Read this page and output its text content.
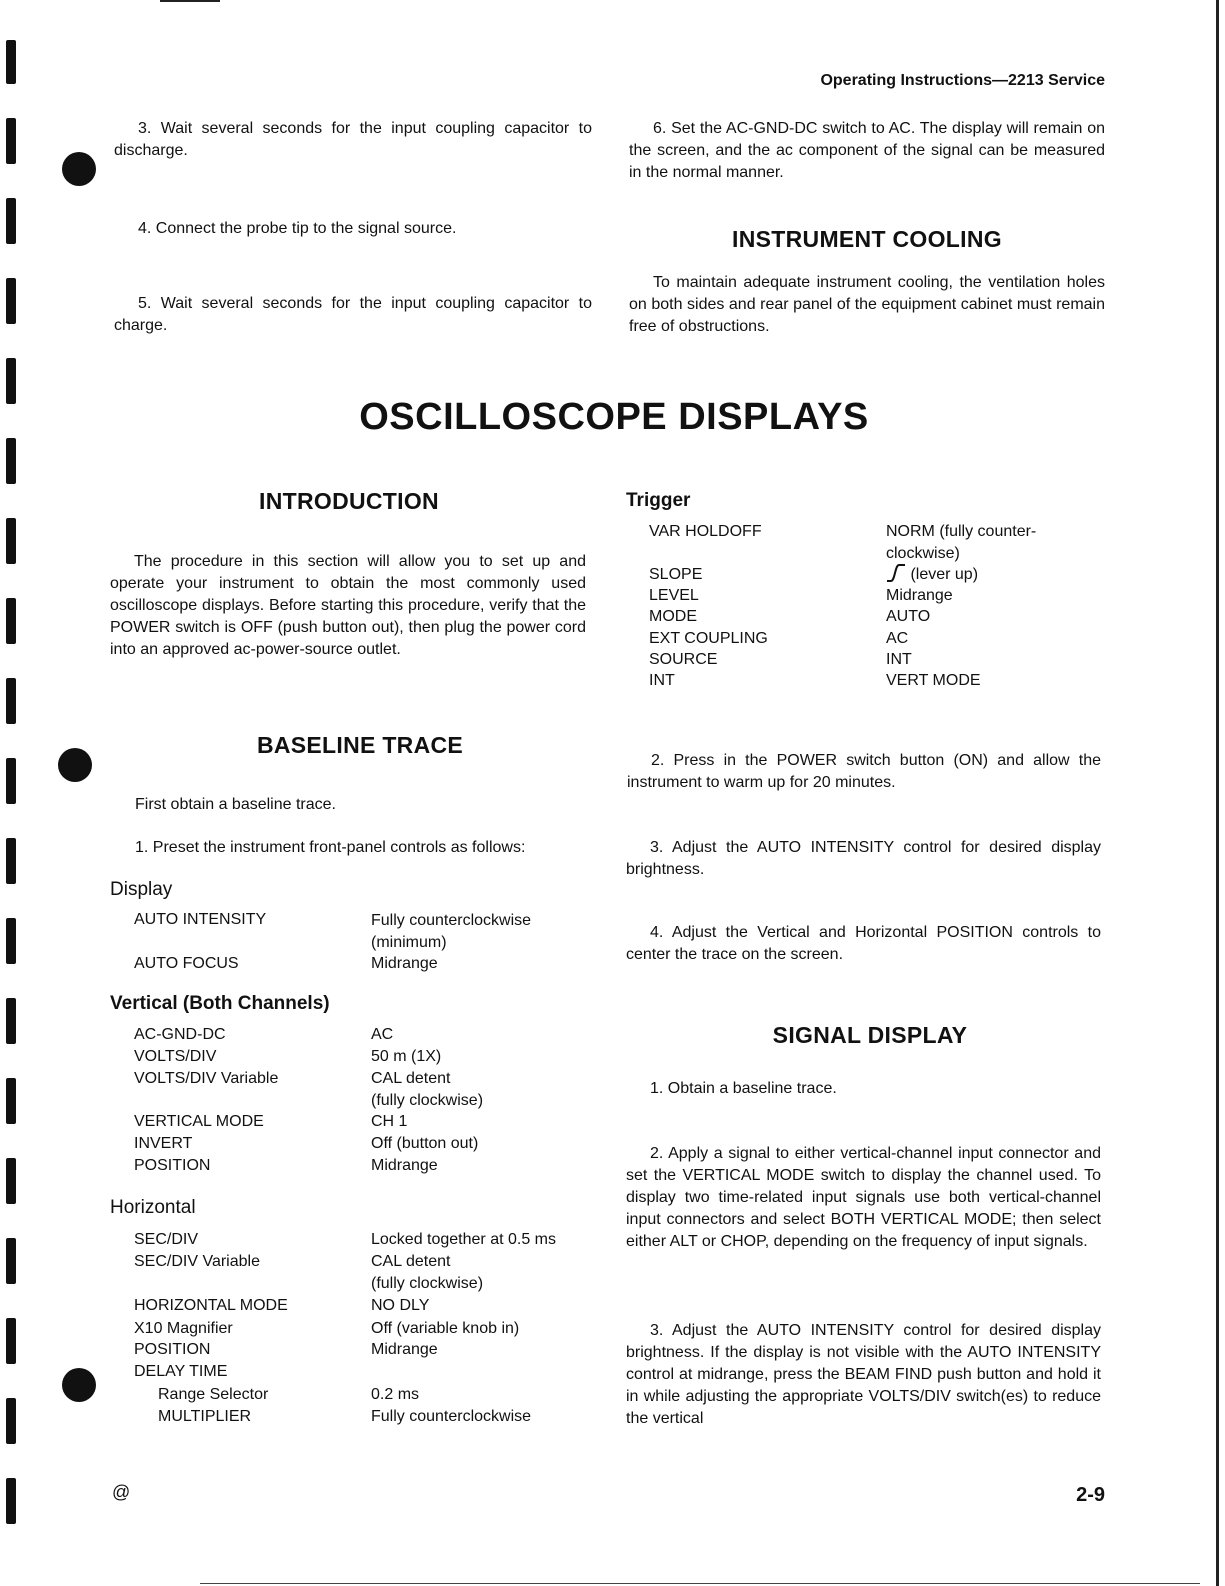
Operating Instructions—2213 Service
3. Wait several seconds for the input coupling capacitor to discharge.
4. Connect the probe tip to the signal source.
5. Wait several seconds for the input coupling capacitor to charge.
6. Set the AC-GND-DC switch to AC. The display will remain on the screen, and the ac component of the signal can be measured in the normal manner.
INSTRUMENT COOLING
To maintain adequate instrument cooling, the ventilation holes on both sides and rear panel of the equipment cabinet must remain free of obstructions.
OSCILLOSCOPE DISPLAYS
INTRODUCTION
The procedure in this section will allow you to set up and operate your instrument to obtain the most commonly used oscilloscope displays. Before starting this procedure, verify that the POWER switch is OFF (push button out), then plug the power cord into an approved ac-power-source outlet.
BASELINE TRACE
First obtain a baseline trace.
1. Preset the instrument front-panel controls as follows:
Display
AUTO INTENSITY	Fully counterclockwise
(minimum)
AUTO FOCUS	Midrange
Vertical (Both Channels)
AC-GND-DC	AC
VOLTS/DIV	50 m (1X)
VOLTS/DIV Variable	CAL detent
(fully clockwise)
VERTICAL MODE	CH 1
INVERT	Off (button out)
POSITION	Midrange
Horizontal
SEC/DIV	Locked together at 0.5 ms
SEC/DIV Variable	CAL detent
(fully clockwise)
HORIZONTAL MODE	NO DLY
X10 Magnifier	Off (variable knob in)
POSITION	Midrange
DELAY TIME
Range Selector	0.2 ms
MULTIPLIER	Fully counterclockwise
Trigger
VAR HOLDOFF	NORM (fully counter-
clockwise)
SLOPE	(lever up)
LEVEL	Midrange
MODE	AUTO
EXT COUPLING	AC
SOURCE	INT
INT	VERT MODE
2. Press in the POWER switch button (ON) and allow the instrument to warm up for 20 minutes.
3. Adjust the AUTO INTENSITY control for desired display brightness.
4. Adjust the Vertical and Horizontal POSITION controls to center the trace on the screen.
SIGNAL DISPLAY
1. Obtain a baseline trace.
2. Apply a signal to either vertical-channel input connector and set the VERTICAL MODE switch to display the channel used. To display two time-related input signals use both vertical-channel input connectors and select BOTH VERTICAL MODE; then select either ALT or CHOP, depending on the frequency of input signals.
3. Adjust the AUTO INTENSITY control for desired display brightness. If the display is not visible with the AUTO INTENSITY control at midrange, press the BEAM FIND push button and hold it in while adjusting the appropriate VOLTS/DIV switch(es) to reduce the vertical
@	2-9
